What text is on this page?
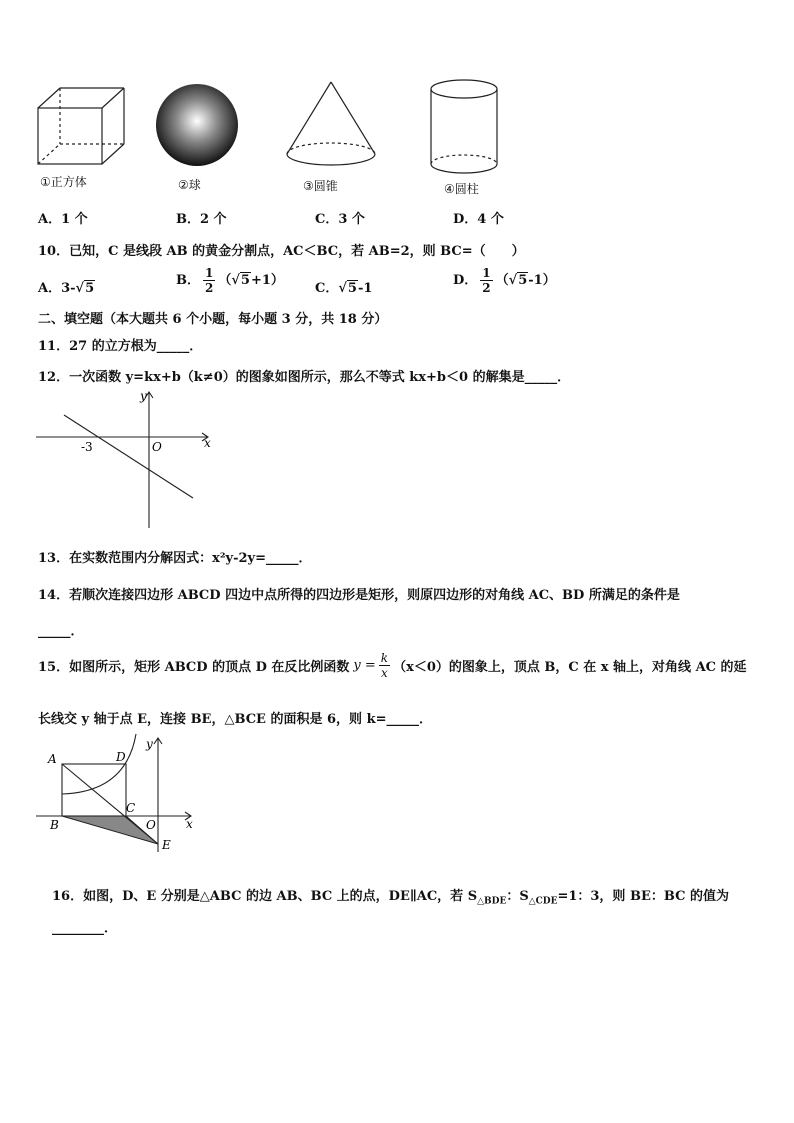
①正方体	②球	③圆锥	④圆柱
A．1 个	B．2 个	C．3 个	D．4 个
10．已知，C 是线段 AB 的黄金分割点，AC＜BC，若 AB=2，则 BC=（　　）
A．3-√5
B． $\frac{1}{2} (√5+1)$
C．√5-1
D． $\frac{1}{2} (√5-1)$
二、填空题（本大题共 6 个小题，每小题 3 分，共 18 分）
11．27 的立方根为_____．
12．一次函数 y=kx+b（k≠0）的图象如图所示，那么不等式 kx+b＜0 的解集是_____．
y
x
-3	O
13．在实数范围内分解因式：x²y-2y=_____．
14．若顺次连接四边形 ABCD 四边中点所得的四边形是矩形，则原四边形的对角线 AC、BD 所满足的条件是
_____．
15．如图所示，矩形 ABCD 的顶点 D 在反比例函数 $y = \frac{k}{x} (x<0)$的图象上，顶点 B，C 在 x 轴上，对角线 AC 的延
长线交 y 轴于点 E，连接 BE，△BCE 的面积是 6，则 k=_____．
A	D
B
C
O
E
x
y
16．如图，D、E 分别是△ABC 的边 AB、BC 上的点，DE∥AC，若 $S_{\triangle BDE}$：$S_{\triangle CDE}=1$：3，则 BE：BC 的值为
________．
